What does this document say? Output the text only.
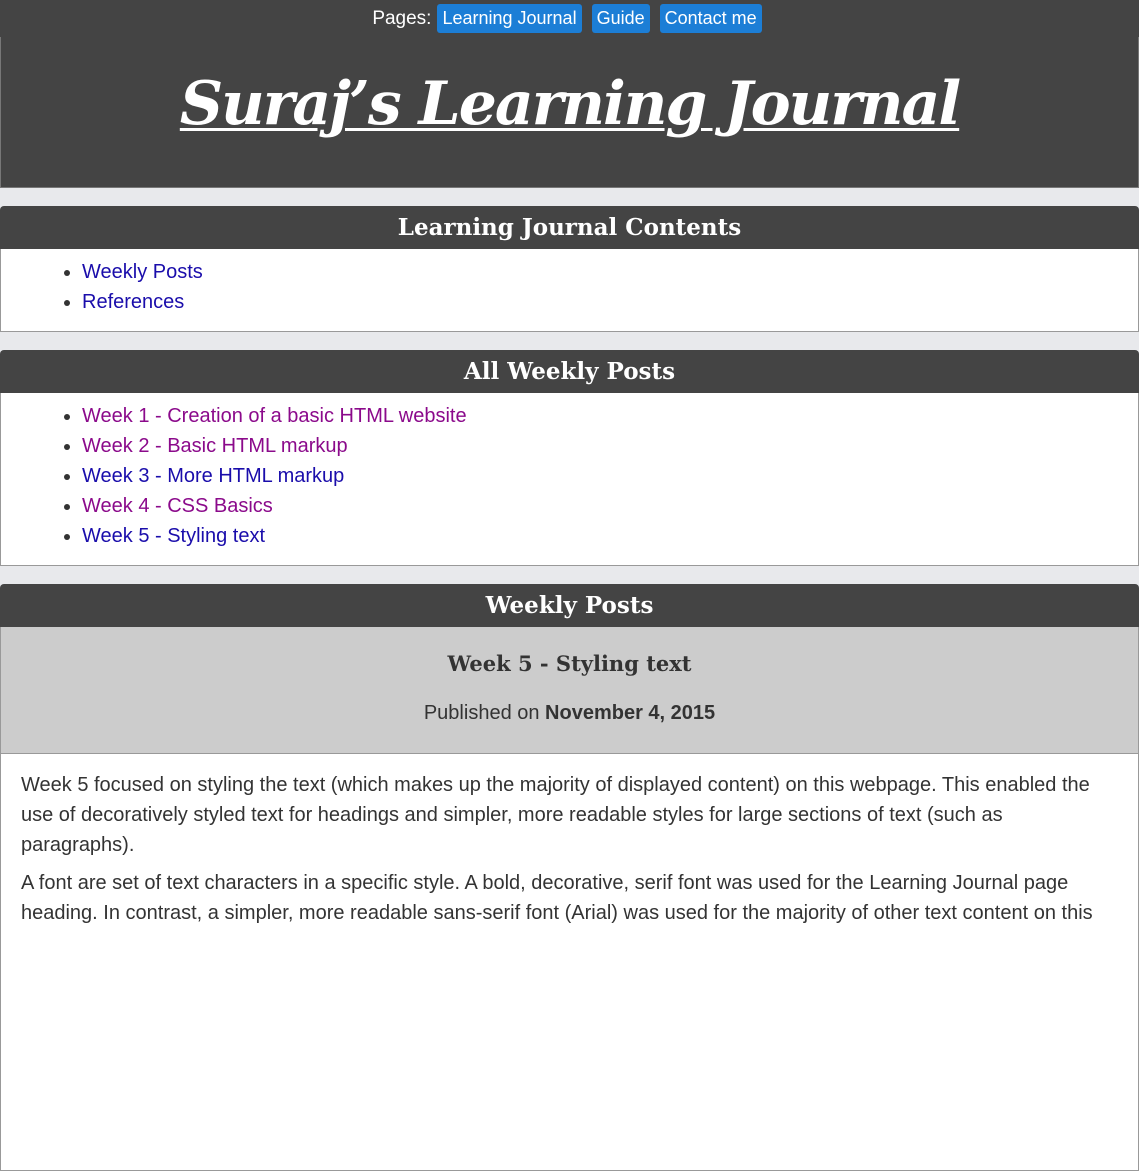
Pages: Learning Journal Guide Contact me
Suraj’s Learning Journal
Learning Journal Contents
• Weekly Posts
• References
All Weekly Posts
• Week 1 - Creation of a basic HTML website
• Week 2 - Basic HTML markup
• Week 3 - More HTML markup
• Week 4 - CSS Basics
• Week 5 - Styling text
Weekly Posts
Week 5 - Styling text
Published on November 4, 2015

Week 5 focused on styling the text (which makes up the majority of displayed content) on this webpage. This enabled the use of decoratively styled text for headings and simpler, more readable styles for large sections of text (such as paragraphs).

A font are set of text characters in a specific style. A bold, decorative, serif font was used for the Learning Journal page heading. In contrast, a simpler, more readable sans-serif font (Arial) was used for the majority of other text content on this
